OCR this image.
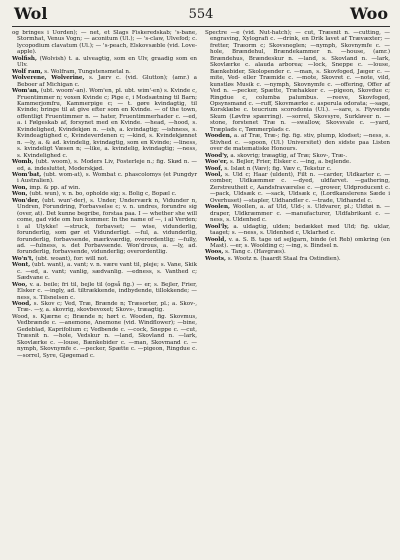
Wol	554	Woo

og bringes i Uorden); — net, et Slags Fiskeredskab; 's-bane, Stormhat, Venus Vogn; — aconitum (Ul.); — 's-claw, Ulvefod; c. lycopodium clavatum (Ul.); — 's-peach, Elskovsæble (vid. Love-apple).

Wolfish, (Wolvish) t. a. ulveagtig, som en Ulv, graadig som en Ulv.

Wolf ram, s. Wolfram, Tungstensmetal n.

Wolverene, Wolverine, s. Jærv c. (vid. Glutton); (amr.) a Beboer af Michigan c.

Wom'an, (ubt. woom'-an). Wom'en, pl. ubt. wim'-en) s. Kvinde c, Fruentimmer n; voxen Kvinde c; Pige c, i Modsætning til Barn; Kammerjomfru, Kammerpige c; — t. gøre kvindagtig, til Kvinde; bringe til at give efter som en Kvinde. — of the town, offentligt Fruentimmer n. — hater, Fruentimmerhader c. —ed, a. i Følgeskab af, forsynet med en Kvinde. —head, —hood, s. Kvindelighed, Kvindekjøn n. —ish, a. kvindagtig; —ishness, s. Kvindeagtighed c, Kvindeverdenen c; —kind, s. Kvindekjønnet n. —ly, a. & ad. kvindelig, kvindagtig, som en Kvinde; —liness, s. kvindeligt Væsen n; —like, a. kvindelig, kvindagtig; —ness, s. Kvindelighed c.

Womb, (ubt. woom), s. Moders Liv, Fosterleje n.; fig. Skød n. —ed, a. indesluttet, Moderskjød.

Wom'bat, (ubt. wom-at), s. Wombat c. phascolomys (et Pungdyr i Australien).

Won, imp. & pp. af win.

Won, (ubt. wun), v. n. bo, opholde sig; s. Bolig c, Bopæl c.

Won'der, (ubt. wun'-der), s. Under, Underværk n, Vidunder n, Undren, Forundring, Forbavselse c; v. n. undres, forundre sig (over, at). Det kunne begribe, forstaa paa. I — whether she will come, gad vide om hun kommer. In the name of —, i al Verden; i al Ulykke! —struck, forbavset; — wise, vidunderlig, forunderlig, som gør et Vidunderligt. —ful, a. vidunderlig, forunderlig, forbavsende, mærkværdig, overordentlig; —fully, ad. —fulness, s. det Forbavsende. Won'drous, a. —ly, ad. forunderlig, forbavsende, vidunderlig; overordentlig.

Wo'n't, (ubt. woant), for: will not.

Wont, (ubt. want), a. vant; v. n. være vant til, pleje; s. Vane, Skik c. —ed, a. vant; vanlig, sædvanlig. —edness, s. Vanthed c; Sædvane c.

Woo, v. a. beile; fri til, bejle til (også fig.) — er, s. Bejler, Frier, Elsker c. —ingly, ad. tiltrækkende, indbydende, tillokkende; —ness, s. Tilsnelsen c.

Wood, s. Skov c; Ved, Træ, Brænde n; Træsorter, pl.; a. Skov-, Træ-. —y, a. skovrig, skovbevoxet; Skovs-, træagtig.

Wood, s. Kjærne c; Brænde n; hørt c. Wooden, fig. Skovmus, Vedbrænde c. —anemone, Anemone (vid. Windflower); —bine, Gedeblad, Kaprifolium c; Vedbende c. —cock, Sneppe c. —cut, Træsnit n. —hole, Vedskur n. —land, Skovland n. —lark, Skovlærke c. —louse, Bænkebider c. —man, Skovmand c. —nymph, Skovnymfe c. —pecker, Spætte c. —pigeon, Ringdue c. —sorrel, Syre, Gjøgemad c.

Spectre —e (vid. Nut-hatch); — cut, Træsnit n. —cutting, —engraving, Xylografi c. —drink, en Drik lavet af Trævæxter; — fretter, Træorm c; Skovsneglen; —nymph, Skovnymfe c. —hole, Brændehul, Brændekammer n. —house, (amr.) Brændehus, Brændeskur n. —land, s. Skovland n. —lark, Skovlærke c. alauda arborea; —lock, Sneppe c. —louse, Bænkebider, Skolopender c. —man, s. Skovfoged, Jæger c. —mite, Ved- eller Træmide c. —mote, Skovret c. —note, vild, kunstløs Musik c. —nymph, Skovnymfe c. —offering, Offer af Ved n. —pecker, Spætte, Træhakker c. —pigeon, Skovdue c; Ringdue c, columba palumbus. —reeve, Skovfoged, Opsynsmand c. —ruff, Skovmærke c. asperula odorata; —sage, Korsklæbe c. teucrium scorodonia (Ul.). —sare, s. Flyvende Skum (Løvfrø spærring). —sorrel, Skovsyre, Surkløver n. —stone, forstenet Træ n. —swallow, Skovsvale c. —yard, Træplads c, Tømmerplads c.

Wooden, a. af Træ, Træ-; fig. fig. stiv, plump, klodset; —ness, s. Stivhed c. —spoon, (Ul.) Universitet) den sidste paa Listen over de matematiske Honours.

Wood'y, a. skovrig; træagtig, af Træ; Skov-, Træ-.

Woo'er, s. Bejler, Frier, Elsker c. —ing, a. bejlende.

Woof, s. Islæt n (Væv); fig. Væv c, Tekstur c.

Wool, s. Uld c; Haar (uldent), Filt n. —carder, Uldkarter c. —comber, Uldkæmmer c. —dyed, uldfarvet. —gathering, Zerstreutheit c, Aandsfraværelse c. —grower, Uldproducent c. —pack, Uldsæk c. —sack, Uldsæk c, (Lordkanslerens Sæde i Overhuset) —stapler, Uldhandler c. —trade, Uldhandel c.

Woolen, Woollen, a. af Uld, Uld-; s. Uldvarer, pl.; Uldtøi n. —draper, Uldkræmmer c. —manufacturer, Uldfabrikant c. —ness, s. Uldenhed c.

Wool'ly, a. uldagtig, ulden; bedækket med Uld; fig. uklar, taaget; s. —ness, s. Uldenhed c, Uklarhed c.

Woold, v. a. S. B. tage ud sejlgarn, binde (et Reb) omkring (en Mast). —er, s. Woolding c; —ing, s. Bindsel n.

Woos, s. Tang c. (Havgræs).

Woots, s. Wootz n. (haardt Staal fra Ostindien).
